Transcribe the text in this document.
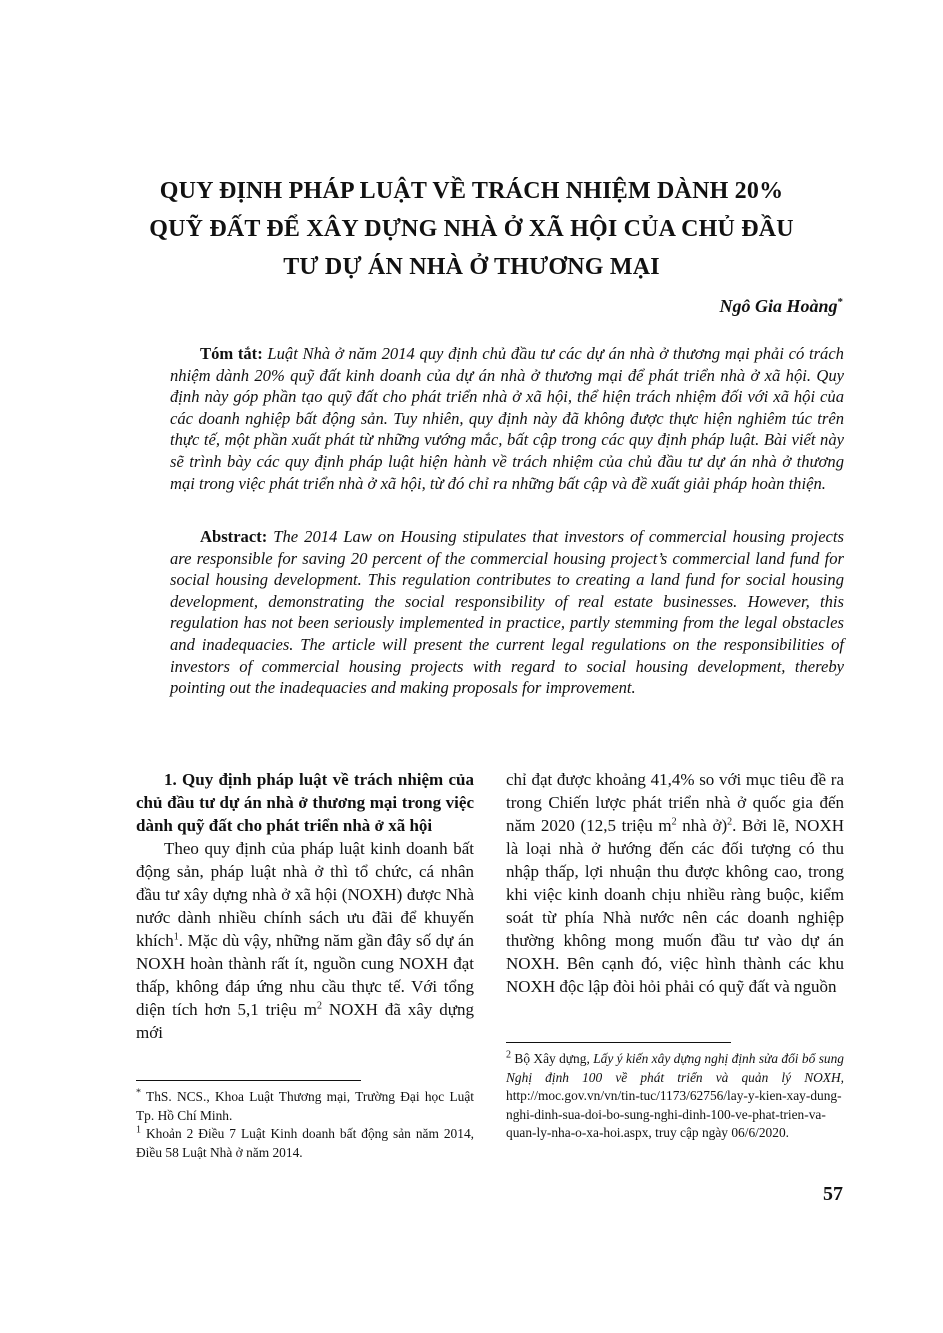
QUY ĐỊNH PHÁP LUẬT VỀ TRÁCH NHIỆM DÀNH 20%
QUỸ ĐẤT ĐỂ XÂY DỰNG NHÀ Ở XÃ HỘI CỦA CHỦ ĐẦU
TƯ DỰ ÁN NHÀ Ở THƯƠNG MẠI
Ngô Gia Hoàng*
Tóm tắt: Luật Nhà ở năm 2014 quy định chủ đầu tư các dự án nhà ở thương mại phải có trách nhiệm dành 20% quỹ đất kinh doanh của dự án nhà ở thương mại để phát triển nhà ở xã hội. Quy định này góp phần tạo quỹ đất cho phát triển nhà ở xã hội, thể hiện trách nhiệm đối với xã hội của các doanh nghiệp bất động sản. Tuy nhiên, quy định này đã không được thực hiện nghiêm túc trên thực tế, một phần xuất phát từ những vướng mắc, bất cập trong các quy định pháp luật. Bài viết này sẽ trình bày các quy định pháp luật hiện hành về trách nhiệm của chủ đầu tư dự án nhà ở thương mại trong việc phát triển nhà ở xã hội, từ đó chỉ ra những bất cập và đề xuất giải pháp hoàn thiện.
Abstract: The 2014 Law on Housing stipulates that investors of commercial housing projects are responsible for saving 20 percent of the commercial housing project’s commercial land fund for social housing development. This regulation contributes to creating a land fund for social housing development, demonstrating the social responsibility of real estate businesses. However, this regulation has not been seriously implemented in practice, partly stemming from the legal obstacles and inadequacies. The article will present the current legal regulations on the responsibilities of investors of commercial housing projects with regard to social housing development, thereby pointing out the inadequacies and making proposals for improvement.
1. Quy định pháp luật về trách nhiệm của chủ đầu tư dự án nhà ở thương mại trong việc dành quỹ đất cho phát triển nhà ở xã hội
Theo quy định của pháp luật kinh doanh bất động sản, pháp luật nhà ở thì tổ chức, cá nhân đầu tư xây dựng nhà ở xã hội (NOXH) được Nhà nước dành nhiều chính sách ưu đãi để khuyến khích$^1$. Mặc dù vậy, những năm gần đây số dự án NOXH hoàn thành rất ít, nguồn cung NOXH đạt thấp, không đáp ứng nhu cầu thực tế. Với tổng diện tích hơn 5,1 triệu $m^2$ NOXH đã xây dựng mới
chỉ đạt được khoảng 41,4% so với mục tiêu đề ra trong Chiến lược phát triển nhà ở quốc gia đến năm 2020 (12,5 triệu $m^2$ nhà ở)$^2$. Bởi lẽ, NOXH là loại nhà ở hướng đến các đối tượng có thu nhập thấp, lợi nhuận thu được không cao, trong khi việc kinh doanh chịu nhiều ràng buộc, kiểm soát từ phía Nhà nước nên các doanh nghiệp thường không mong muốn đầu tư vào dự án NOXH. Bên cạnh đó, việc hình thành các khu NOXH độc lập đòi hỏi phải có quỹ đất và nguồn
* ThS. NCS., Khoa Luật Thương mại, Trường Đại học Luật Tp. Hồ Chí Minh.
$^1$ Khoản 2 Điều 7 Luật Kinh doanh bất động sản năm 2014, Điều 58 Luật Nhà ở năm 2014.
$^2$ Bộ Xây dựng, Lấy ý kiến xây dựng nghị định sửa đổi bổ sung Nghị định 100 về phát triển và quản lý NOXH, http://moc.gov.vn/vn/tin-tuc/1173/62756/lay-y-kien-xay-dung-nghi-dinh-sua-doi-bo-sung-nghi-dinh-100-ve-phat-trien-va-quan-ly-nha-o-xa-hoi.aspx, truy cập ngày 06/6/2020.
57
